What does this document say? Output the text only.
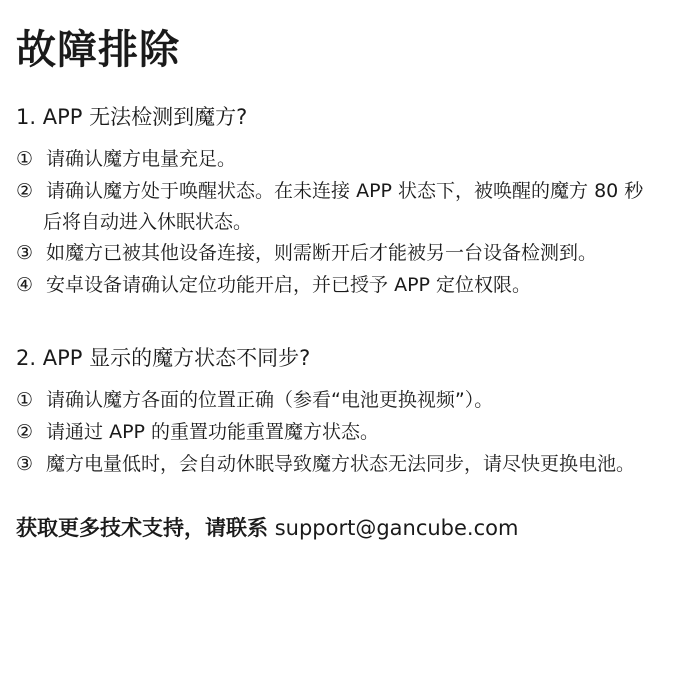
故障排除
1. APP 无法检测到魔方?

① 请确认魔方电量充足。

② 请确认魔方处于唤醒状态。在未连接 APP 状态下，被唤醒的魔方 80 秒

后将自动进入休眠状态。

③ 如魔方已被其他设备连接，则需断开后才能被另一台设备检测到。

④ 安卓设备请确认定位功能开启，并已授予 APP 定位权限。

2. APP 显示的魔方状态不同步?

① 请确认魔方各面的位置正确（参看“电池更换视频”）。

② 请通过 APP 的重置功能重置魔方状态。

③ 魔方电量低时，会自动休眠导致魔方状态无法同步，请尽快更换电池。

获取更多技术支持，请联系 support@gancube.com
